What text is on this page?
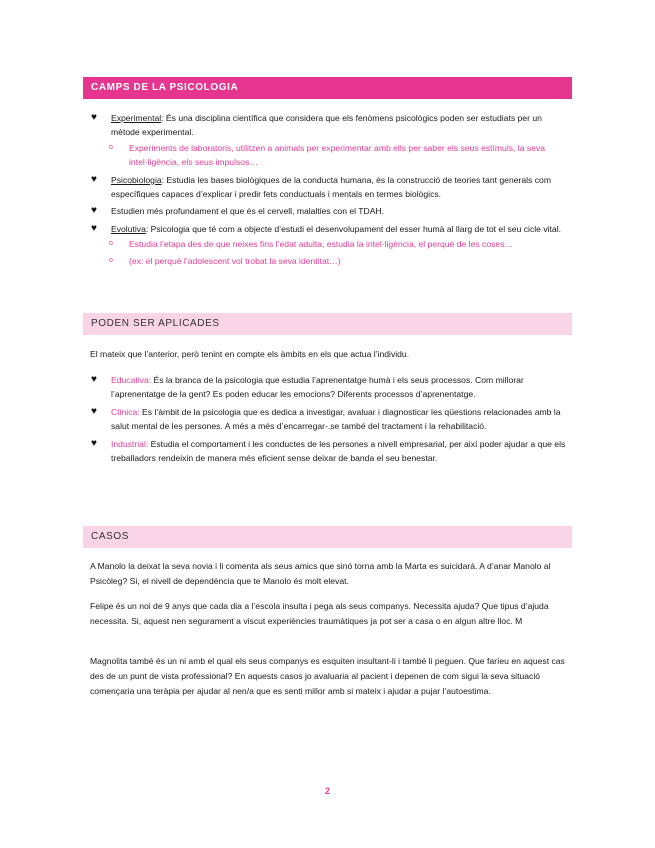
CAMPS DE LA PSICOLOGIA
♥ Experimental: És una disciplina científica que considera que els fenòmens psicològics poden ser estudiats per un mètode experimental.
o Experiments de laboratoris, utilitzen a animals per experimentar amb ells per saber els seus estímuls, la seva intel·ligència, els seus impulsos…
♥ Psicobiologia: Estudia les bases biològiques de la conducta humana, és la construcció de teories tant generals com específiques capaces d’explicar i predir fets conductuals i mentals en termes biològics.
♥ Estudien més profundament el que és el cervell, malalties con el TDAH.
♥ Evolutiva: Psicologia que té com a objecte d’estudi el desenvolupament del esser humà al llarg de tot el seu cicle vital.
o Estudia l’etapa des de que neixes fins l’edat adulta, estudia la intel·ligència, el perquè de les coses…
o (ex: el perquè l’adolescent vol trobat la seva identitat…)
PODEN SER APLICADES

El mateix que l’anterior, però tenint en compte els àmbits en els que actua l’individu.

♥ Educativa: És la branca de la psicologia que estudia l’aprenentatge humà i els seus processos. Com millorar l’aprenentatge de la gent? Es poden educar les emocions? Diferents processos d’aprenentatge.
♥ Clínica: Es l’àmbit de la psicologia que es dedica a investigar, avaluar i diagnosticar les qüestions relacionades amb la salut mental de les persones. A més a més d’encarregar-.se també del tractament i la rehabilitació.
♥ Industrial: Estudia el comportament i les conductes de les persones a nivell empresarial, per així poder ajudar a que els treballadors rendeixin de manera més eficient sense deixar de banda el seu benestar.
CASOS

A Manolo la deixat la seva novia i li comenta als seus amics que sinó torna amb la Marta es suicidarà. A d’anar Manolo al Psicòleg? Si, el nivell de dependència que te Manolo és molt elevat.

Felipe és un noi de 9 anys que cada dia a l’escola insulta i pega als seus companys. Necessita ajuda? Que tipus d’ajuda necessita. Si, aquest nen segurament a viscut experiències traumàtiques ja pot ser a casa o en algun altre lloc. M

Magnolita també és un ni amb el qual els seus companys es esquiten insultant-li i també li peguen. Que faríeu en aquest cas des de un punt de vista professional? En aquests casos jo avaluaria al pacient i depenen de com sigui la seva situació començaria una teràpia per ajudar al nen/a que es senti millor amb si mateix i ajudar a pujar l’autoestima.

2
